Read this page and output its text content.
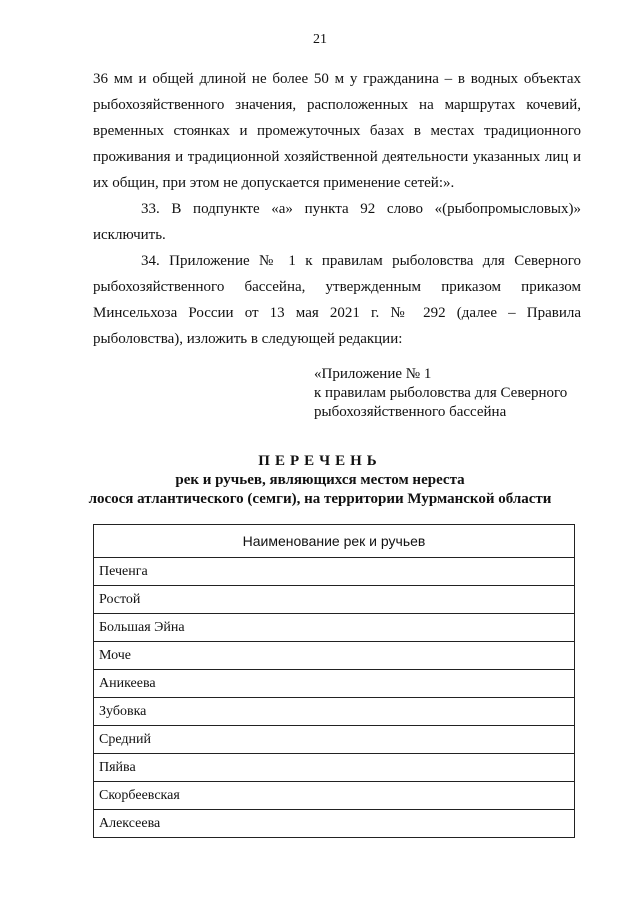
21

36 мм и общей длиной не более 50 м у гражданина – в водных объектах рыбохозяйственного значения, расположенных на маршрутах кочевий, временных стоянках и промежуточных базах в местах традиционного проживания и традиционной хозяйственной деятельности указанных лиц и их общин, при этом не допускается применение сетей:».

33. В подпункте «а» пункта 92 слово «(рыбопромысловых)» исключить.

34. Приложение № 1 к правилам рыболовства для Северного рыбохозяйственного бассейна, утвержденным приказом приказом Минсельхоза России от 13 мая 2021 г. № 292 (далее – Правила рыболовства), изложить в следующей редакции:

«Приложение № 1
к правилам рыболовства для Северного
рыбохозяйственного бассейна
ПЕРЕЧЕНЬ
рек и ручьев, являющихся местом нереста
лосося атлантического (семги), на территории Мурманской области
Наименование рек и ручьев
Печенга
Ростой
Большая Эйна
Моче
Аникеева
Зубовка
Средний
Пяйва
Скорбеевская
Алексеева
